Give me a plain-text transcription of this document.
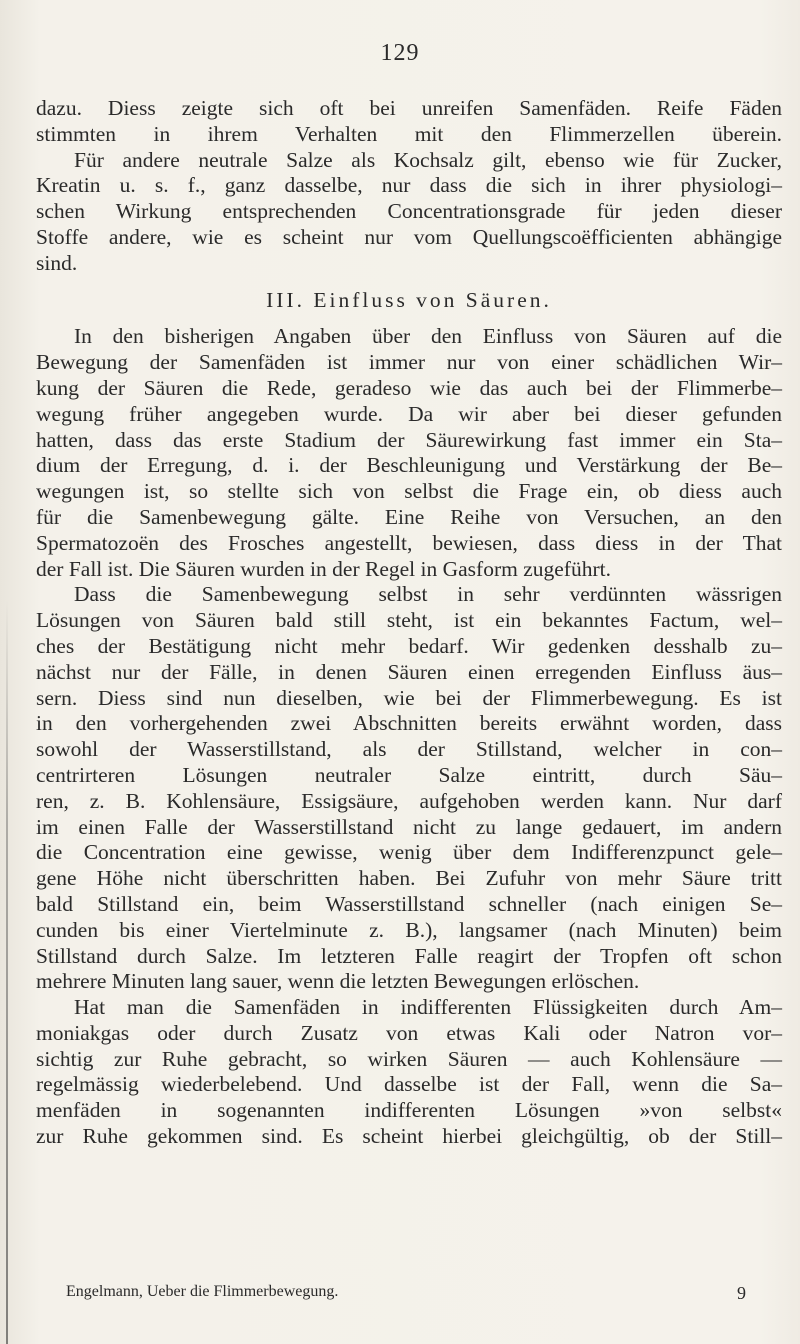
129
dazu. Diess zeigte sich oft bei unreifen Samenfäden. Reife Fäden
stimmten in ihrem Verhalten mit den Flimmerzellen überein.
Für andere neutrale Salze als Kochsalz gilt, ebenso wie für Zucker,
Kreatin u. s. f., ganz dasselbe, nur dass die sich in ihrer physiologi–
schen Wirkung entsprechenden Concentrationsgrade für jeden dieser
Stoffe andere, wie es scheint nur vom Quellungscoëfficienten abhängige
sind.
III. Einfluss von Säuren.
In den bisherigen Angaben über den Einfluss von Säuren auf die
Bewegung der Samenfäden ist immer nur von einer schädlichen Wir–
kung der Säuren die Rede, geradeso wie das auch bei der Flimmerbe–
wegung früher angegeben wurde. Da wir aber bei dieser gefunden
hatten, dass das erste Stadium der Säurewirkung fast immer ein Sta–
dium der Erregung, d. i. der Beschleunigung und Verstärkung der Be–
wegungen ist, so stellte sich von selbst die Frage ein, ob diess auch
für die Samenbewegung gälte. Eine Reihe von Versuchen, an den
Spermatozoën des Frosches angestellt, bewiesen, dass diess in der That
der Fall ist. Die Säuren wurden in der Regel in Gasform zugeführt.
Dass die Samenbewegung selbst in sehr verdünnten wässrigen
Lösungen von Säuren bald still steht, ist ein bekanntes Factum, wel–
ches der Bestätigung nicht mehr bedarf. Wir gedenken desshalb zu–
nächst nur der Fälle, in denen Säuren einen erregenden Einfluss äus–
sern. Diess sind nun dieselben, wie bei der Flimmerbewegung. Es ist
in den vorhergehenden zwei Abschnitten bereits erwähnt worden, dass
sowohl der Wasserstillstand, als der Stillstand, welcher in con–
centrirteren Lösungen neutraler Salze eintritt, durch Säu–
ren, z. B. Kohlensäure, Essigsäure, aufgehoben werden kann. Nur darf
im einen Falle der Wasserstillstand nicht zu lange gedauert, im andern
die Concentration eine gewisse, wenig über dem Indifferenzpunct gele–
gene Höhe nicht überschritten haben. Bei Zufuhr von mehr Säure tritt
bald Stillstand ein, beim Wasserstillstand schneller (nach einigen Se–
cunden bis einer Viertelminute z. B.), langsamer (nach Minuten) beim
Stillstand durch Salze. Im letzteren Falle reagirt der Tropfen oft schon
mehrere Minuten lang sauer, wenn die letzten Bewegungen erlöschen.
Hat man die Samenfäden in indifferenten Flüssigkeiten durch Am–
moniakgas oder durch Zusatz von etwas Kali oder Natron vor–
sichtig zur Ruhe gebracht, so wirken Säuren — auch Kohlensäure —
regelmässig wiederbelebend. Und dasselbe ist der Fall, wenn die Sa–
menfäden in sogenannten indifferenten Lösungen »von selbst«
zur Ruhe gekommen sind. Es scheint hierbei gleichgültig, ob der Still–
Engelmann, Ueber die Flimmerbewegung.	9
